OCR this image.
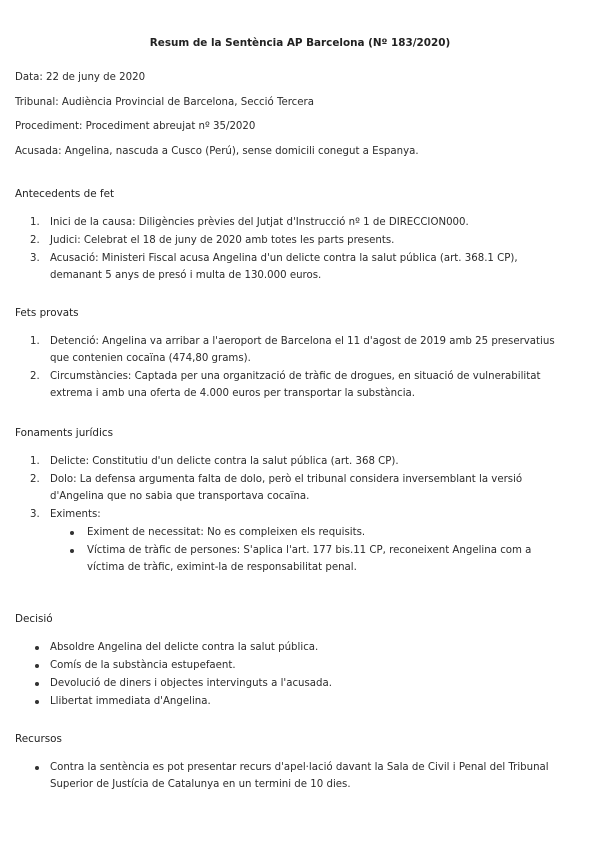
Resum de la Sentència AP Barcelona (Nº 183/2020)

Data: 22 de juny de 2020

Tribunal: Audiència Provincial de Barcelona, Secció Tercera

Procediment: Procediment abreujat nº 35/2020

Acusada: Angelina, nascuda a Cusco (Perú), sense domicili conegut a Espanya.

Antecedents de fet
1. Inici de la causa: Diligències prèvies del Jutjat d'Instrucció nº 1 de DIRECCION000.
2. Judici: Celebrat el 18 de juny de 2020 amb totes les parts presents.
3. Acusació: Ministeri Fiscal acusa Angelina d'un delicte contra la salut pública (art. 368.1 CP), demanant 5 anys de presó i multa de 130.000 euros.
Fets provats
1. Detenció: Angelina va arribar a l'aeroport de Barcelona el 11 d'agost de 2019 amb 25 preservatius que contenien cocaïna (474,80 grams).
2. Circumstàncies: Captada per una organització de tràfic de drogues, en situació de vulnerabilitat extrema i amb una oferta de 4.000 euros per transportar la substància.
Fonaments jurídics
1. Delicte: Constitutiu d'un delicte contra la salut pública (art. 368 CP).
2. Dolo: La defensa argumenta falta de dolo, però el tribunal considera inversemblant la versió d'Angelina que no sabia que transportava cocaïna.
3. Eximents:
Eximent de necessitat: No es compleixen els requisits.
Víctima de tràfic de persones: S'aplica l'art. 177 bis.11 CP, reconeixent Angelina com a víctima de tràfic, eximint-la de responsabilitat penal.
Decisió
Absoldre Angelina del delicte contra la salut pública.
Comís de la substància estupefaent.
Devolució de diners i objectes intervinguts a l'acusada.
Llibertat immediata d'Angelina.
Recursos
Contra la sentència es pot presentar recurs d'apel·lació davant la Sala de Civil i Penal del Tribunal Superior de Justícia de Catalunya en un termini de 10 dies.
